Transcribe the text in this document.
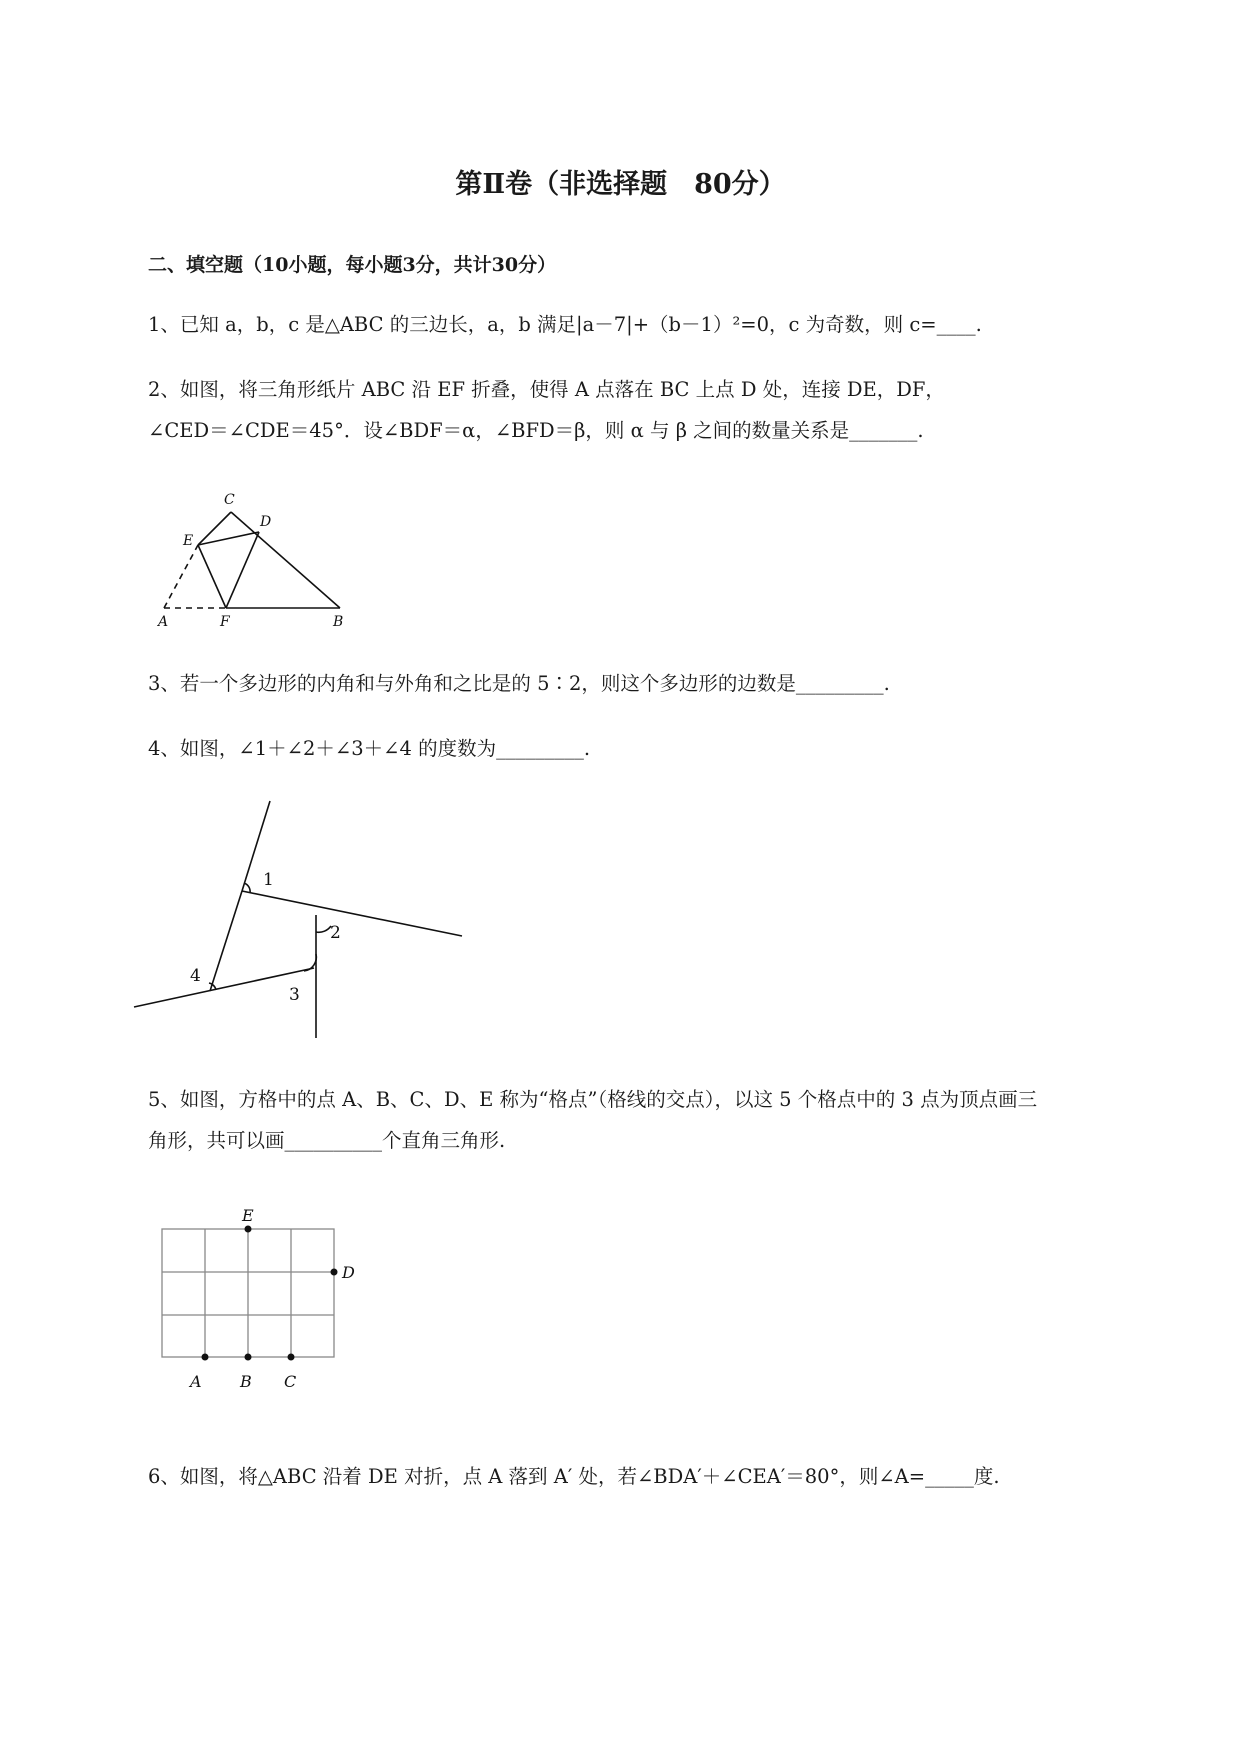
第Ⅱ卷（非选择题　80分）
二、填空题（10小题，每小题3分，共计30分）
1、已知 a，b，c 是△ABC 的三边长，a，b 满足|a－7|+（b－1）²=0，c 为奇数，则 c=____.
2、如图，将三角形纸片 ABC 沿 EF 折叠，使得 A 点落在 BC 上点 D 处，连接 DE，DF，
∠CED＝∠CDE＝45°．设∠BDF＝α，∠BFD＝β，则 α 与 β 之间的数量关系是_______.
C
D
E
A	F	B
3、若一个多边形的内角和与外角和之比是的 5∶2，则这个多边形的边数是_________.
4、如图，∠1＋∠2＋∠3＋∠4 的度数为_________.
1
2
3
4
5、如图，方格中的点 A、B、C、D、E 称为“格点”（格线的交点），以这 5 个格点中的 3 点为顶点画三
角形，共可以画__________个直角三角形.
E
D
A B C
6、如图，将△ABC 沿着 DE 对折，点 A 落到 A′ 处，若∠BDA′＋∠CEA′＝80°，则∠A=_____度.
